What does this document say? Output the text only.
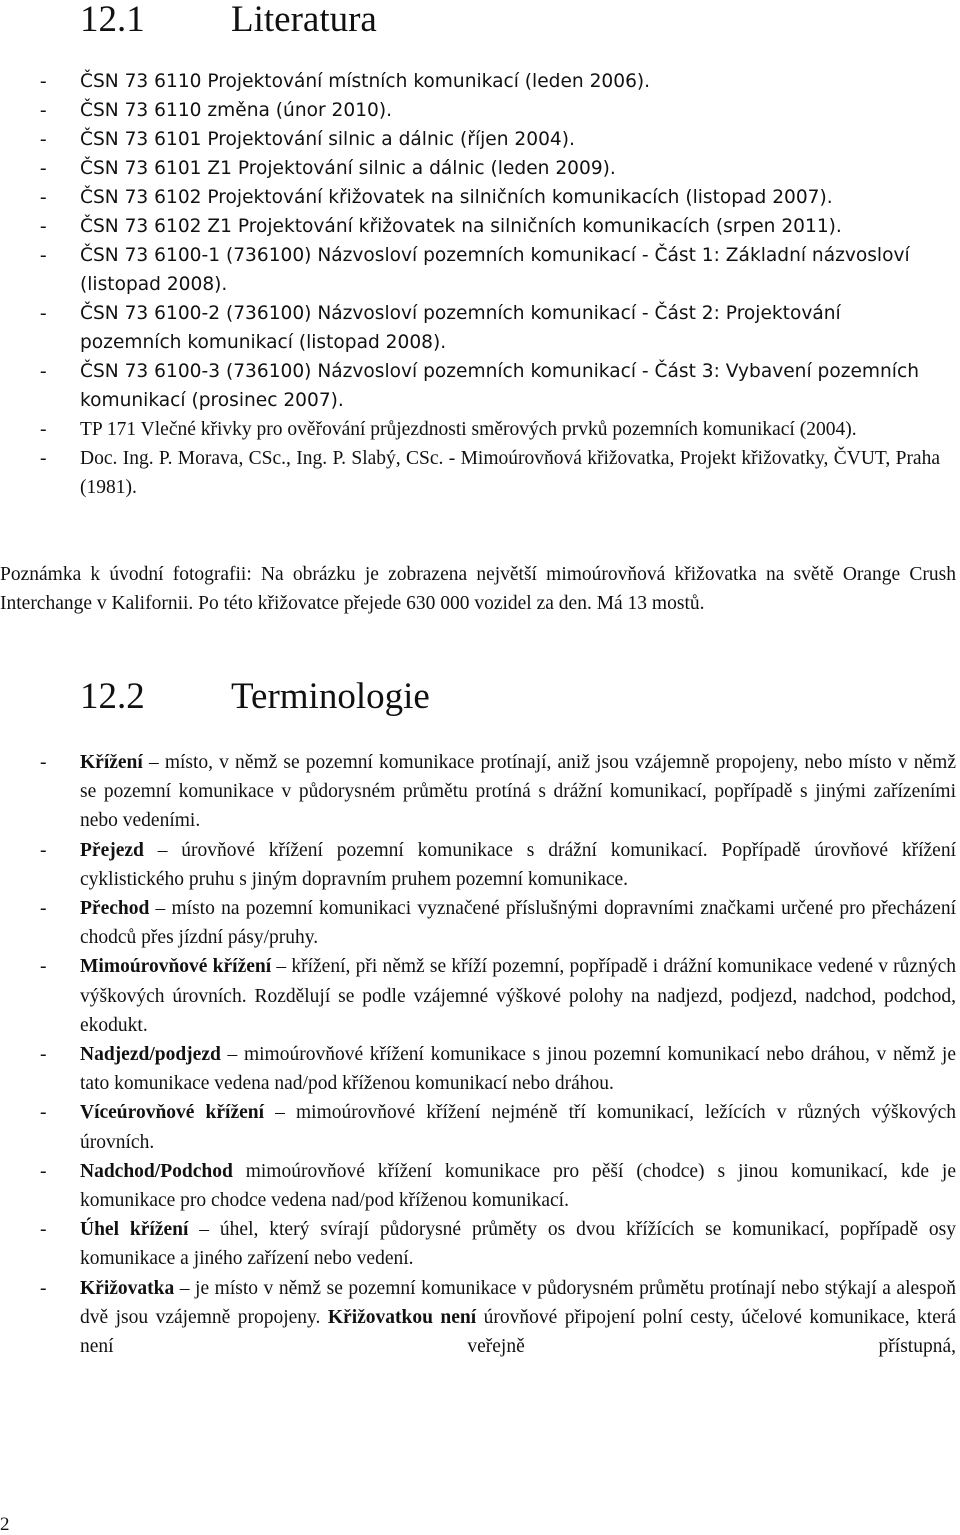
12.1 Literatura
- ČSN 73 6110 Projektování místních komunikací (leden 2006).
- ČSN 73 6110 změna (únor 2010).
- ČSN 73 6101 Projektování silnic a dálnic (říjen 2004).
- ČSN 73 6101 Z1 Projektování silnic a dálnic (leden 2009).
- ČSN 73 6102 Projektování křižovatek na silničních komunikacích (listopad 2007).
- ČSN 73 6102 Z1 Projektování křižovatek na silničních komunikacích (srpen 2011).
- ČSN 73 6100-1 (736100) Názvosloví pozemních komunikací - Část 1: Základní názvosloví (listopad 2008).
- ČSN 73 6100-2 (736100) Názvosloví pozemních komunikací - Část 2: Projektování pozemních komunikací (listopad 2008).
- ČSN 73 6100-3 (736100) Názvosloví pozemních komunikací - Část 3: Vybavení pozemních komunikací (prosinec 2007).
- TP 171 Vlečné křivky pro ověřování průjezdnosti směrových prvků pozemních komunikací (2004).
- Doc. Ing. P. Morava, CSc., Ing. P. Slabý, CSc. - Mimoúrovňová křižovatka, Projekt křižovatky, ČVUT, Praha (1981).

Poznámka k úvodní fotografii: Na obrázku je zobrazena největší mimoúrovňová křižovatka na světě Orange Crush Interchange v Kalifornii. Po této křižovatce přejede 630 000 vozidel za den. Má 13 mostů.

12.2 Terminologie
- Křížení – místo, v němž se pozemní komunikace protínají, aniž jsou vzájemně propojeny, nebo místo v němž se pozemní komunikace v půdorysném průmětu protíná s drážní komunikací, popřípadě s jinými zařízeními nebo vedeními.
- Přejezd – úrovňové křížení pozemní komunikace s drážní komunikací. Popřípadě úrovňové křížení cyklistického pruhu s jiným dopravním pruhem pozemní komunikace.
- Přechod – místo na pozemní komunikaci vyznačené příslušnými dopravními značkami určené pro přecházení chodců přes jízdní pásy/pruhy.
- Mimoúrovňové křížení – křížení, při němž se kříží pozemní, popřípadě i drážní komunikace vedené v různých výškových úrovních. Rozdělují se podle vzájemné výškové polohy na nadjezd, podjezd, nadchod, podchod, ekodukt.
- Nadjezd/podjezd – mimoúrovňové křížení komunikace s jinou pozemní komunikací nebo dráhou, v němž je tato komunikace vedena nad/pod kříženou komunikací nebo dráhou.
- Víceúrovňové křížení – mimoúrovňové křížení nejméně tří komunikací, ležících v různých výškových úrovních.
- Nadchod/Podchod mimoúrovňové křížení komunikace pro pěší (chodce) s jinou komunikací, kde je komunikace pro chodce vedena nad/pod kříženou komunikací.
- Úhel křížení – úhel, který svírají půdorysné průměty os dvou křížících se komunikací, popřípadě osy komunikace a jiného zařízení nebo vedení.
- Křižovatka – je místo v němž se pozemní komunikace v půdorysném průmětu protínají nebo stýkají a alespoň dvě jsou vzájemně propojeny. Křižovatkou není úrovňové připojení polní cesty, účelové komunikace, která není veřejně přístupná,
2
